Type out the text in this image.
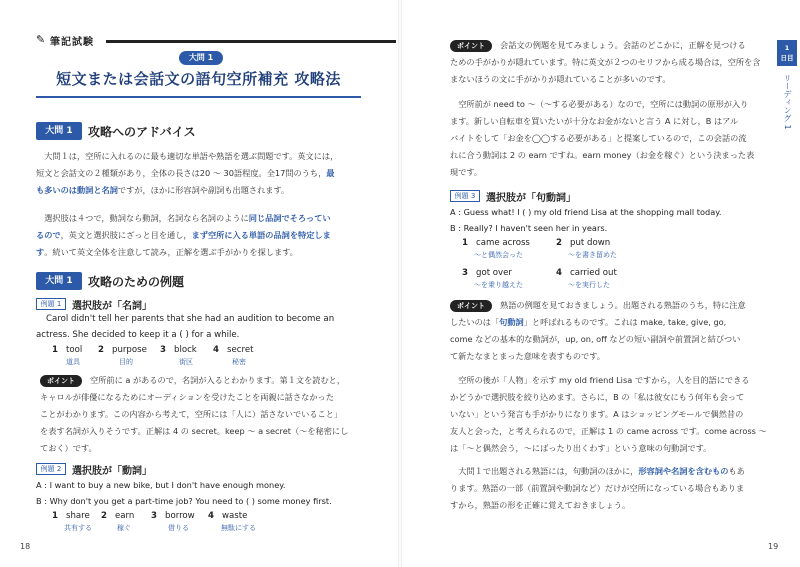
✎ 筆記試験
大問 1
短文または会話文の語句空所補充 攻略法
大問 1	攻略へのアドバイス
　大問１は，空所に入れるのに最も適切な単語や熟語を選ぶ問題です。英文には，
短文と会話文の２種類があり，全体の長さは20 ～ 30語程度。全17問のうち，最
も多いのは動詞と名詞ですが，ほかに形容詞や副詞も出題されます。
　選択肢は４つで，動詞なら動詞，名詞なら名詞のように同じ品詞でそろってい
るので，英文と選択肢にざっと目を通し，まず空所に入る単語の品詞を特定しま
す。続いて英文全体を注意して読み，正解を選ぶ手がかりを探します。
大問 1	攻略のための例題
例題 1	選択肢が「名詞」
Carol didn't tell her parents that she had an audition to become an
actress. She decided to keep it a ( ) for a while.
1 tool 2 purpose 3 block 4 secret
道具	目的	街区	秘密
ポイント	空所前に a があるので，名詞が入るとわかります。第１文を読むと，
キャロルが俳優になるためにオーディションを受けたことを両親に話さなかった
ことがわかります。この内容から考えて，空所には「人に）話さないでいること」
を表す名詞が入りそうです。正解は 4 の secret。keep ～ a secret（～を秘密にし
ておく）です。
例題 2	選択肢が「動詞」
A : I want to buy a new bike, but I don't have enough money.
B : Why don't you get a part-time job? You need to ( ) some money first.
1 share 2 earn 3 borrow 4 waste
共有する	稼ぐ	借りる	無駄にする
18
ポイント	会話文の例題を見てみましょう。会話のどこかに，正解を見つける
ための手がかりが隠れています。特に英文が２つのセリフから成る場合は，空所を含
まないほうの文に手がかりが隠れていることが多いのです。
　空所前が need to ～（～する必要がある）なので，空所には動詞の原形が入り
ます。新しい自転車を買いたいが十分なお金がないと言う A に対し，B はアル
バイトをして「お金を◯◯する必要がある」と提案しているので，この会話の流
れに合う動詞は 2 の earn ですね。earn money（お金を稼ぐ）という決まった表
現です。
例題 3	選択肢が「句動詞」
A : Guess what! I ( ) my old friend Lisa at the shopping mall today.
B : Really? I haven't seen her in years.
1 came across	2 put down
～と偶然会った	～を書き留めた
3 got over	4 carried out
～を乗り越えた	～を実行した
ポイント	熟語の例題を見ておきましょう。出題される熟語のうち，特に注意
したいのは「句動詞」と呼ばれるものです。これは make, take, give, go,
come などの基本的な動詞が，up, on, off などの短い副詞や前置詞と結びつい
て新たなまとまった意味を表すものです。
　空所の後が「人物」を示す my old friend Lisa ですから，人を目的語にできる
かどうかで選択肢を絞り込めます。さらに，B の「私は彼女にもう何年も会って
いない」という発言も手がかりになります。A はショッピングモールで偶然昔の
友人と会った，と考えられるので，正解は 1 の came across です。come across ～
は「～と偶然会う，～にばったり出くわす」という意味の句動詞です。
　大問１で出題される熟語には，句動詞のほかに，形容詞や名詞を含むものもあ
ります。熟語の一部（前置詞や動詞など）だけが空所になっている場合もありま
すから，熟語の形を正確に覚えておきましょう。
19
1
日目
リーディング 1
